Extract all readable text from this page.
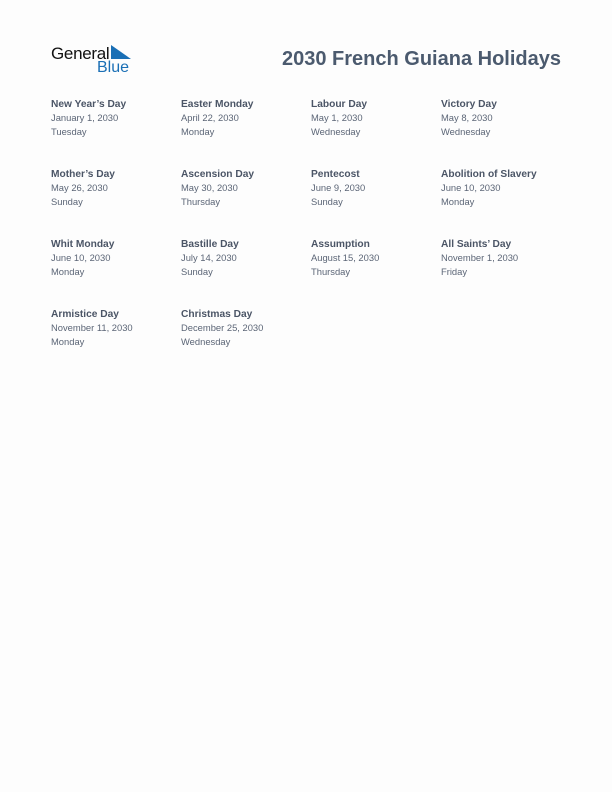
General
Blue	2030 French Guiana Holidays
New Year’s Day
January 1, 2030
Tuesday
Easter Monday
April 22, 2030
Monday
Labour Day
May 1, 2030
Wednesday
Victory Day
May 8, 2030
Wednesday
Mother’s Day
May 26, 2030
Sunday
Ascension Day
May 30, 2030
Thursday
Pentecost
June 9, 2030
Sunday
Abolition of Slavery
June 10, 2030
Monday
Whit Monday
June 10, 2030
Monday
Bastille Day
July 14, 2030
Sunday
Assumption
August 15, 2030
Thursday
All Saints’ Day
November 1, 2030
Friday
Armistice Day
November 11, 2030
Monday
Christmas Day
December 25, 2030
Wednesday
